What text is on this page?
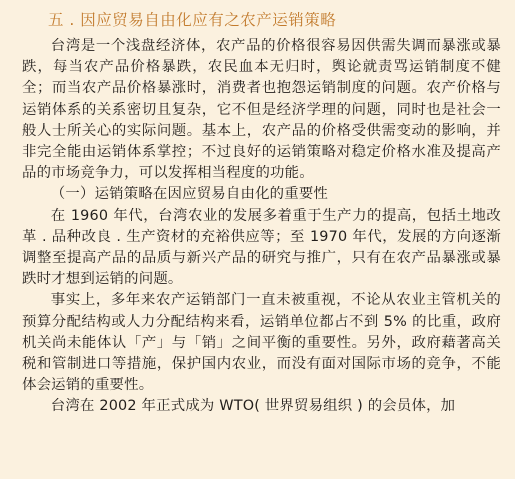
五 . 因应贸易自由化应有之农产运销策略

台湾是一个浅盘经济体，农产品的价格很容易因供需失调而暴涨或暴跌，每当农产品价格暴跌，农民血本无归时，舆论就责骂运销制度不健全；而当农产品价格暴涨时，消费者也抱怨运销制度的问题。农产价格与运销体系的关系密切且复杂，它不但是经济学理的问题，同时也是社会一般人士所关心的实际问题。基本上，农产品的价格受供需变动的影响，并非完全能由运销体系掌控；不过良好的运销策略对稳定价格水准及提高产品的市场竞争力，可以发挥相当程度的功能。

（一）运销策略在因应贸易自由化的重要性

在 1960 年代，台湾农业的发展多着重于生产力的提高，包括土地改革 . 品种改良 . 生产资材的充裕供应等；至 1970 年代，发展的方向逐渐调整至提高产品的品质与新兴产品的研究与推广，只有在农产品暴涨或暴跌时才想到运销的问题。

事实上，多年来农产运销部门一直未被重视，不论从农业主管机关的预算分配结构或人力分配结构来看，运销单位都占不到 5% 的比重，政府机关尚未能体认「产」与「销」之间平衡的重要性。另外，政府藉著高关税和管制进口等措施，保护国内农业，而没有面对国际市场的竞争，不能体会运销的重要性。

台湾在 2002 年正式成为 WTO( 世界贸易组织 ) 的会员体，加
